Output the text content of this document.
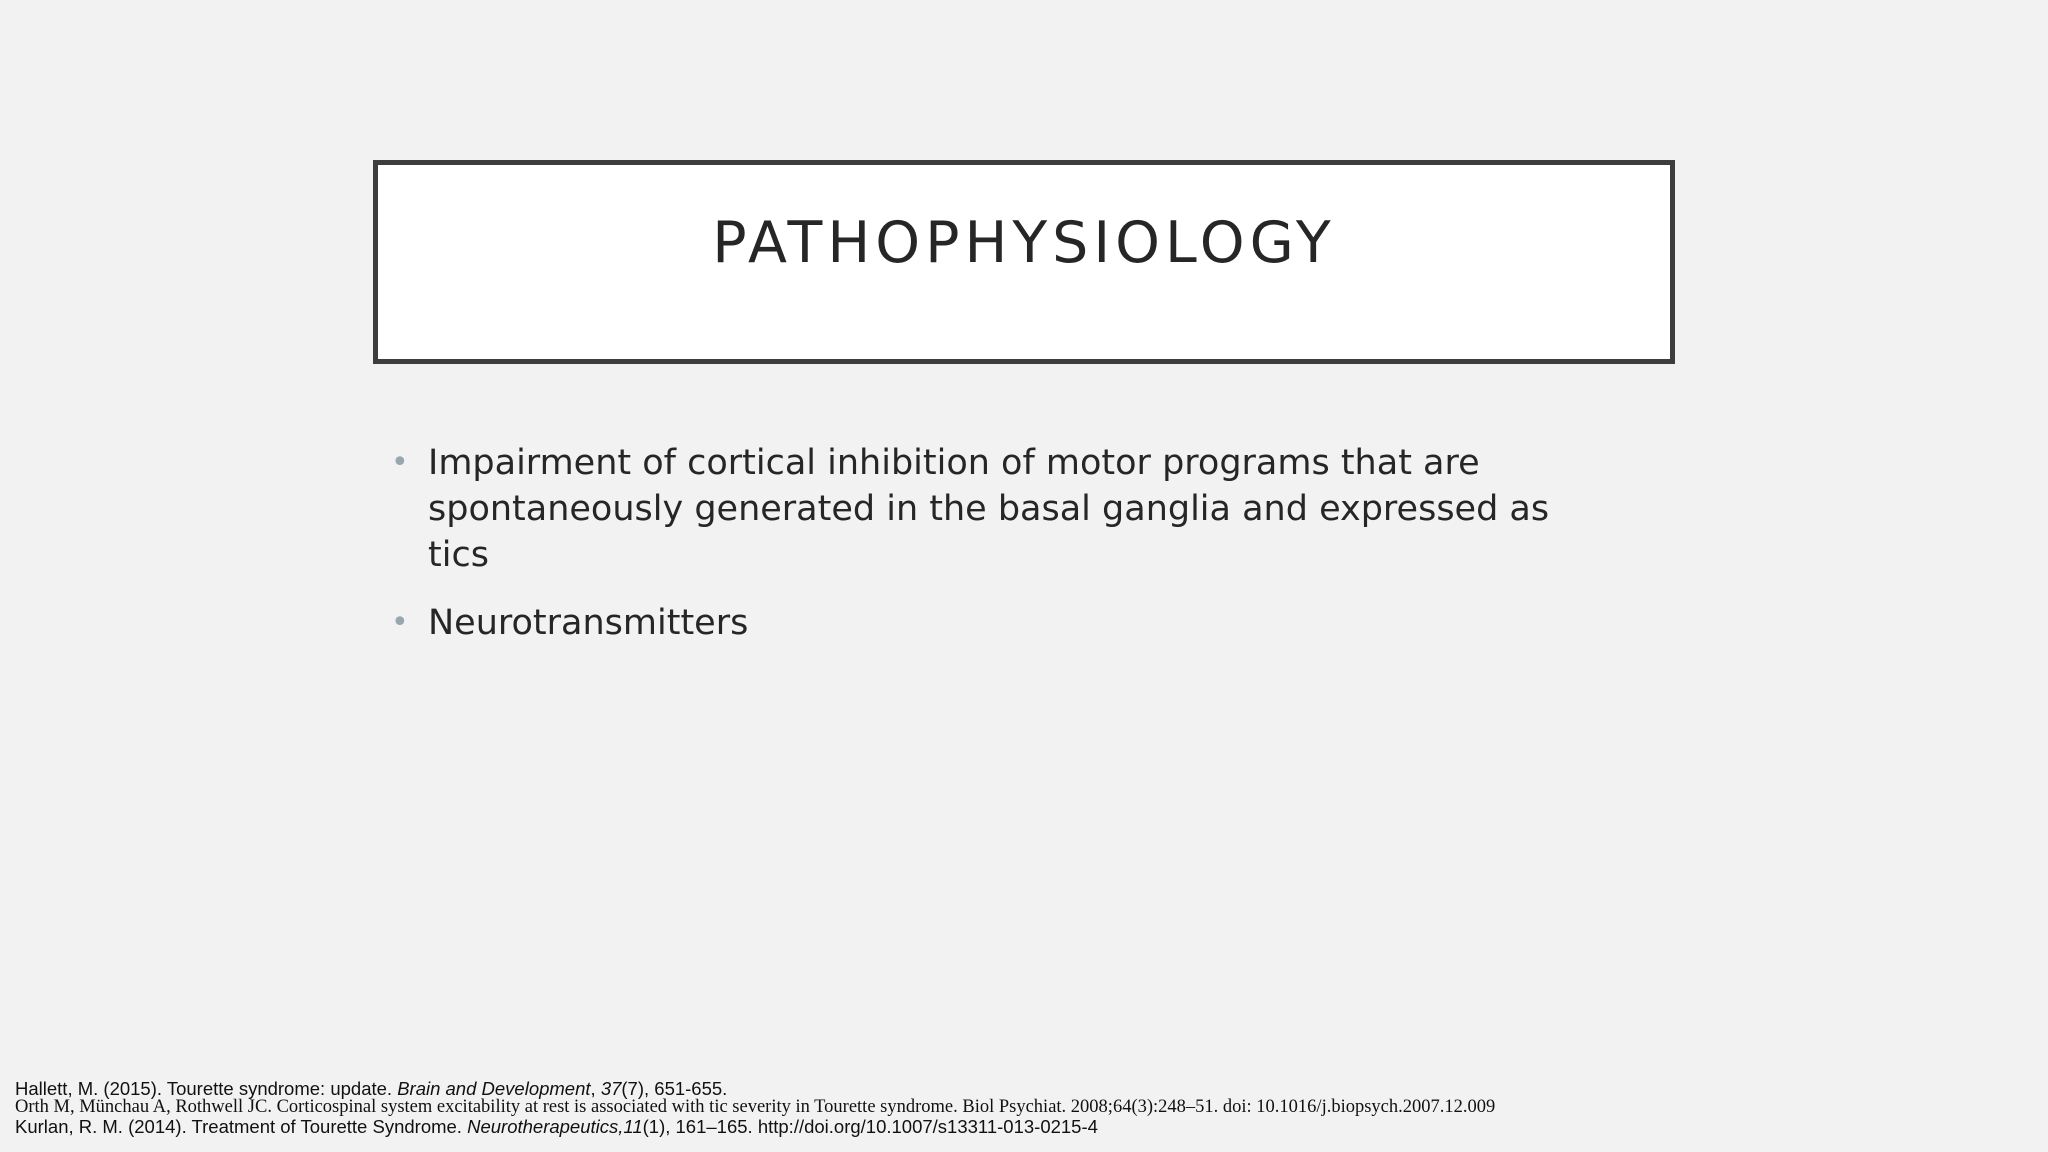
PATHOPHYSIOLOGY
• Impairment of cortical inhibition of motor programs that are spontaneously generated in the basal ganglia and expressed as tics
• Neurotransmitters
Hallett, M. (2015). Tourette syndrome: update. Brain and Development, 37(7), 651-655.
Orth M, Münchau A, Rothwell JC. Corticospinal system excitability at rest is associated with tic severity in Tourette syndrome. Biol Psychiat. 2008;64(3):248–51. doi: 10.1016/j.biopsych.2007.12.009
Kurlan, R. M. (2014). Treatment of Tourette Syndrome. Neurotherapeutics,11(1), 161–165. http://doi.org/10.1007/s13311-013-0215-4
